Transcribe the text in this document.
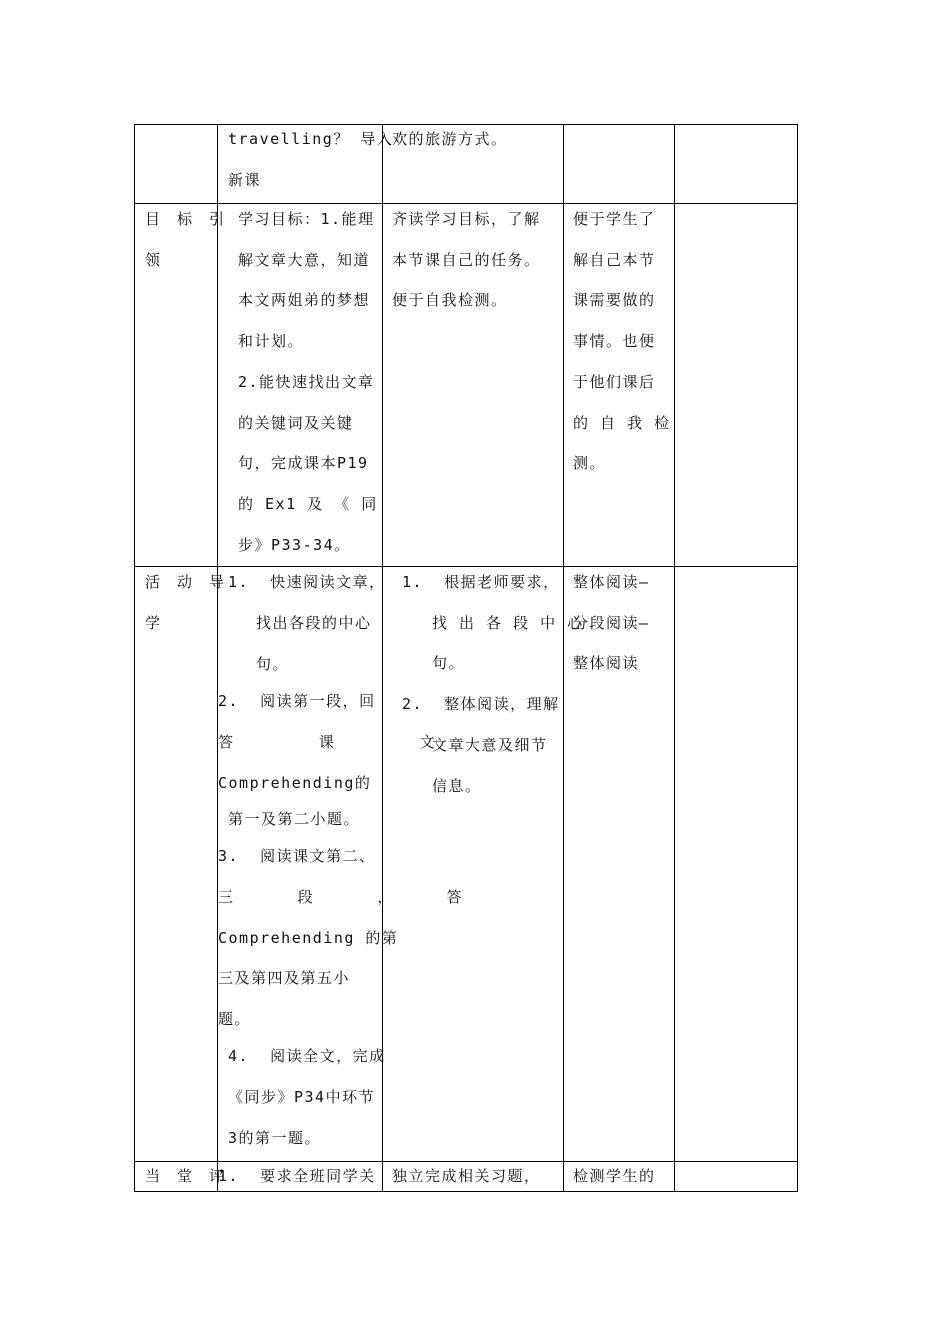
travelling？ 导入
新课
欢的旅游方式。
目 标 引
领
学习目标：1.能理
解文章大意，知道
本文两姐弟的梦想
和计划。
2.能快速找出文章
的关键词及关键
句，完成课本P19
的 Ex1 及 《 同
步》P33-34。
齐读学习目标，了解
本节课自己的任务。
便于自我检测。
便于学生了
解自己本节
课需要做的
事情。也便
于他们课后
的 自 我 检
测。
活 动 导
学
1.  快速阅读文章，
找出各段的中心
句。
2.  阅读第一段，回
答        课        文
Comprehending的
第一及第二小题。
3.  阅读课文第二、
三      段      ，     答
Comprehending 的第
三及第四及第五小
题。
4.  阅读全文，完成
《同步》P34中环节
3的第一题。
1.  根据老师要求，
找 出 各 段 中 心
句。
2.  整体阅读，理解
文章大意及细节
信息。
整体阅读—
分段阅读—
整体阅读
当 堂 评
1.  要求全班同学关 独立完成相关习题， 检测学生的
